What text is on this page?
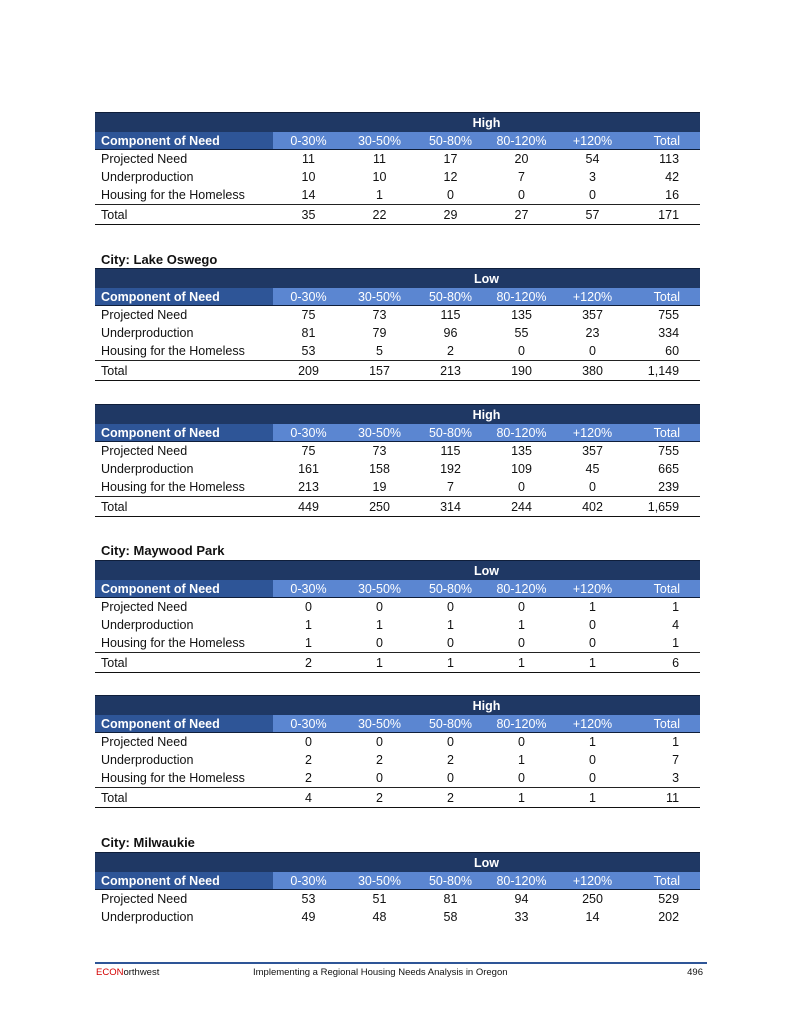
	High					
Component of Need	0-30%	30-50%	50-80%	80-120%	+120%	Total
Projected Need	11	11	17	20	54	113
Underproduction	10	10	12	7	3	42
Housing for the Homeless	14	1	0	0	0	16
Total	35	22	29	27	57	171
City: Lake Oswego
	Low					
Component of Need	0-30%	30-50%	50-80%	80-120%	+120%	Total
Projected Need	75	73	115	135	357	755
Underproduction	81	79	96	55	23	334
Housing for the Homeless	53	5	2	0	0	60
Total	209	157	213	190	380	1,149
	High					
Component of Need	0-30%	30-50%	50-80%	80-120%	+120%	Total
Projected Need	75	73	115	135	357	755
Underproduction	161	158	192	109	45	665
Housing for the Homeless	213	19	7	0	0	239
Total	449	250	314	244	402	1,659
City: Maywood Park
	Low					
Component of Need	0-30%	30-50%	50-80%	80-120%	+120%	Total
Projected Need	0	0	0	0	1	1
Underproduction	1	1	1	1	0	4
Housing for the Homeless	1	0	0	0	0	1
Total	2	1	1	1	1	6
	High					
Component of Need	0-30%	30-50%	50-80%	80-120%	+120%	Total
Projected Need	0	0	0	0	1	1
Underproduction	2	2	2	1	0	7
Housing for the Homeless	2	0	0	0	0	3
Total	4	2	2	1	1	11
City: Milwaukie
	Low					
Component of Need	0-30%	30-50%	50-80%	80-120%	+120%	Total
Projected Need	53	51	81	94	250	529
Underproduction	49	48	58	33	14	202
ECONorthwest	Implementing a Regional Housing Needs Analysis in Oregon	496
